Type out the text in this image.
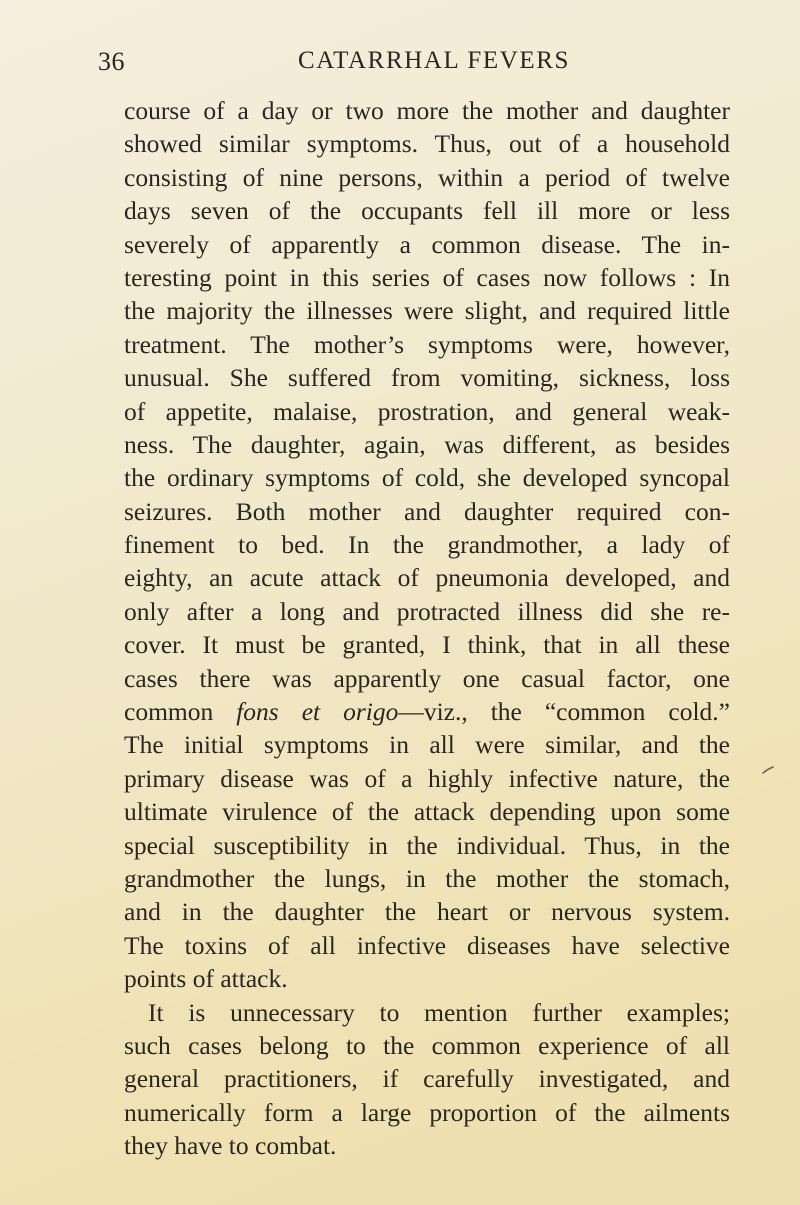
36	CATARRHAL FEVERS
course of a day or two more the mother and daughter
showed similar symptoms. Thus, out of a household
consisting of nine persons, within a period of twelve
days seven of the occupants fell ill more or less
severely of apparently a common disease. The in-
teresting point in this series of cases now follows : In
the majority the illnesses were slight, and required little
treatment. The mother’s symptoms were, however,
unusual. She suffered from vomiting, sickness, loss
of appetite, malaise, prostration, and general weak-
ness. The daughter, again, was different, as besides
the ordinary symptoms of cold, she developed syncopal
seizures. Both mother and daughter required con-
finement to bed. In the grandmother, a lady of
eighty, an acute attack of pneumonia developed, and
only after a long and protracted illness did she re-
cover. It must be granted, I think, that in all these
cases there was apparently one casual factor, one
common fons et origo—viz., the “common cold.”
The initial symptoms in all were similar, and the
primary disease was of a highly infective nature, the
ultimate virulence of the attack depending upon some
special susceptibility in the individual. Thus, in the
grandmother the lungs, in the mother the stomach,
and in the daughter the heart or nervous system.
The toxins of all infective diseases have selective
points of attack.
It is unnecessary to mention further examples;
such cases belong to the common experience of all
general practitioners, if carefully investigated, and
numerically form a large proportion of the ailments
they have to combat.
